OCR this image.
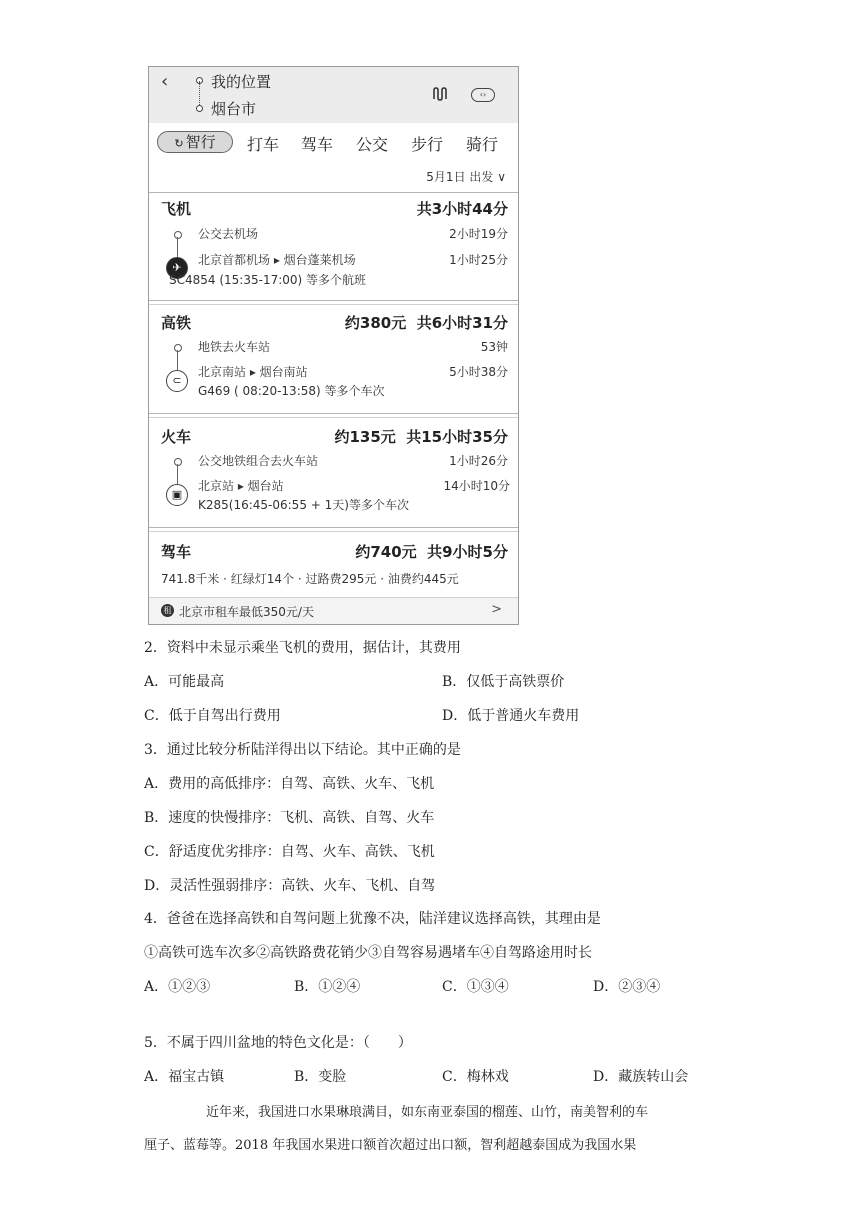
‹	我的位置
烟台市
‹›
↻ 智行	打车 驾车 公交 步行 骑行
5月1日 出发 ∨
飞机	共3小时44分
✈
公交去机场	2小时19分
北京首都机场 ▸ 烟台蓬莱机场	1小时25分
SC4854 (15:35-17:00) 等多个航班
高铁	约380元 共6小时31分
⊂
地铁去火车站	53钟
北京南站 ▸ 烟台南站	5小时38分
G469 ( 08:20-13:58) 等多个车次
火车	约135元 共15小时35分
▣
公交地铁组合去火车站	1小时26分
北京站 ▸ 烟台站	14小时10分
K285(16:45-06:55 + 1天)等多个车次
驾车	约740元 共9小时5分
741.8千米 · 红绿灯14个 · 过路费295元 · 油费约445元
租 北京市租车最低350元/天	>
2．资料中未显示乘坐飞机的费用，据估计，其费用
A．可能最高	B．仅低于高铁票价
C．低于自驾出行费用	D．低于普通火车费用
3．通过比较分析陆洋得出以下结论。其中正确的是
A．费用的高低排序：自驾、高铁、火车、飞机
B．速度的快慢排序：飞机、高铁、自驾、火车
C．舒适度优劣排序：自驾、火车、高铁、飞机
D．灵活性强弱排序：高铁、火车、飞机、自驾
4．爸爸在选择高铁和自驾问题上犹豫不决，陆洋建议选择高铁，其理由是
①高铁可选车次多②高铁路费花销少③自驾容易遇堵车④自驾路途用时长
A．①②③	B．①②④	C．①③④	D．②③④
5．不属于四川盆地的特色文化是：（　　）
A．福宝古镇	B．变脸	C．梅林戏	D．藏族转山会
近年来，我国进口水果琳琅满目，如东南亚泰国的榴莲、山竹，南美智利的车
厘子、蓝莓等。2018 年我国水果进口额首次超过出口额，智利超越泰国成为我国水果
